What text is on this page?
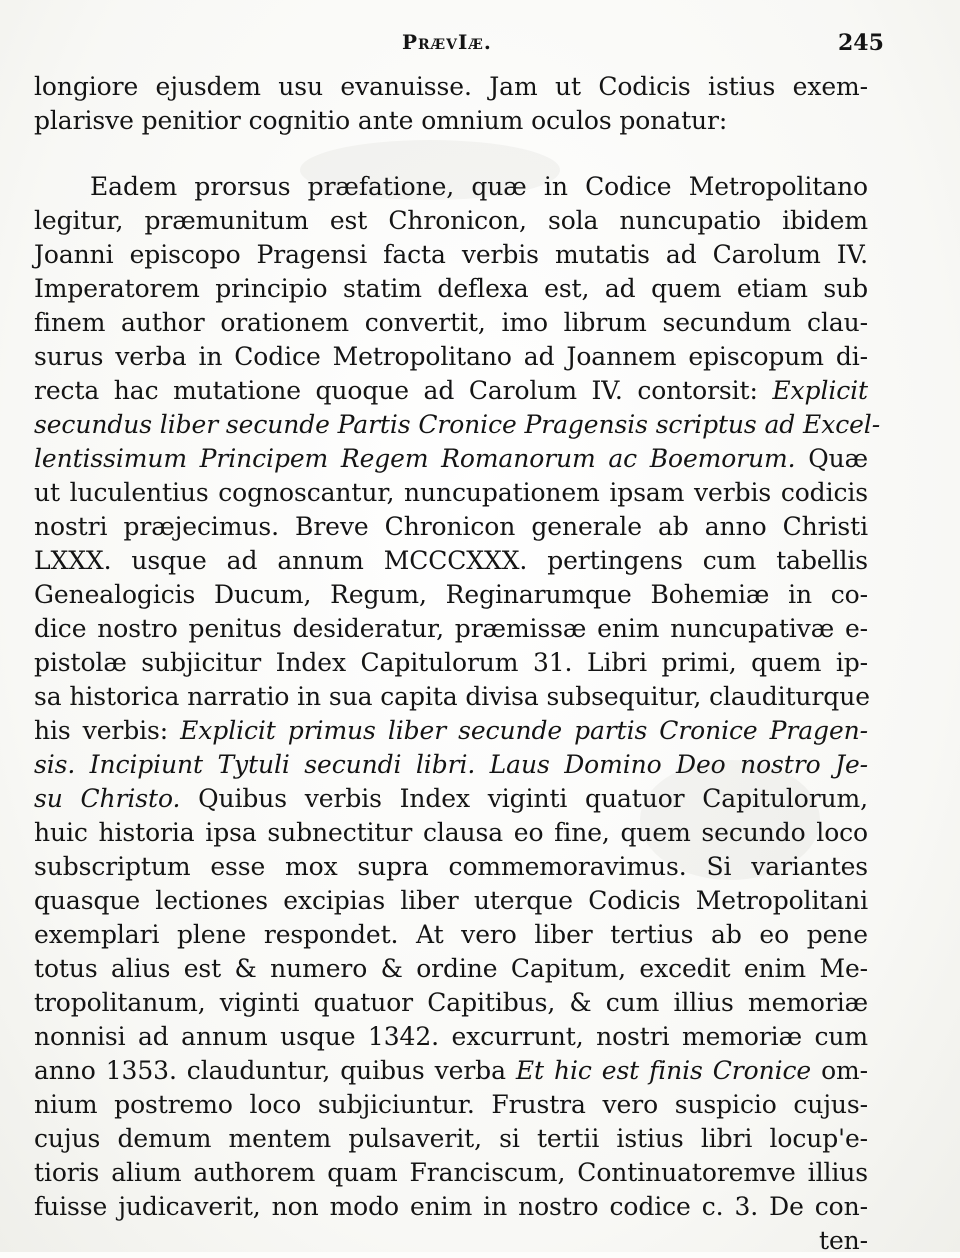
PrævIæ.	245
longiore ejusdem usu evanuisse. Jam ut Codicis istius exem-
plarisve penitior cognitio ante omnium oculos ponatur:
Eadem prorsus præfatione, quæ in Codice Metropolitano
legitur, præmunitum est Chronicon, sola nuncupatio ibidem
Joanni episcopo Pragensi facta verbis mutatis ad Carolum IV.
Imperatorem principio statim deflexa est, ad quem etiam sub
finem author orationem convertit, imo librum secundum clau-
surus verba in Codice Metropolitano ad Joannem episcopum di-
recta hac mutatione quoque ad Carolum IV. contorsit: Explicit
secundus liber secunde Partis Cronice Pragensis scriptus ad Excel-
lentissimum Principem Regem Romanorum ac Boemorum. Quæ
ut luculentius cognoscantur, nuncupationem ipsam verbis codicis
nostri præjecimus. Breve Chronicon generale ab anno Christi
LXXX. usque ad annum MCCCXXX. pertingens cum tabellis
Genealogicis Ducum, Regum, Reginarumque Bohemiæ in co-
dice nostro penitus desideratur, præmissæ enim nuncupativæ e-
pistolæ subjicitur Index Capitulorum 31. Libri primi, quem ip-
sa historica narratio in sua capita divisa subsequitur, clauditurque
his verbis: Explicit primus liber secunde partis Cronice Pragen-
sis. Incipiunt Tytuli secundi libri. Laus Domino Deo nostro Je-
su Christo. Quibus verbis Index viginti quatuor Capitulorum,
huic historia ipsa subnectitur clausa eo fine, quem secundo loco
subscriptum esse mox supra commemoravimus. Si variantes
quasque lectiones excipias liber uterque Codicis Metropolitani
exemplari plene respondet. At vero liber tertius ab eo pene
totus alius est & numero & ordine Capitum, excedit enim Me-
tropolitanum, viginti quatuor Capitibus, & cum illius memoriæ
nonnisi ad annum usque 1342. excurrunt, nostri memoriæ cum
anno 1353. clauduntur, quibus verba Et hic est finis Cronice om-
nium postremo loco subjiciuntur. Frustra vero suspicio cujus-
cujus demum mentem pulsaverit, si tertii istius libri locup'e-
tioris alium authorem quam Franciscum, Continuatoremve illius
fuisse judicaverit, non modo enim in nostro codice c. 3. De con-
ten-
